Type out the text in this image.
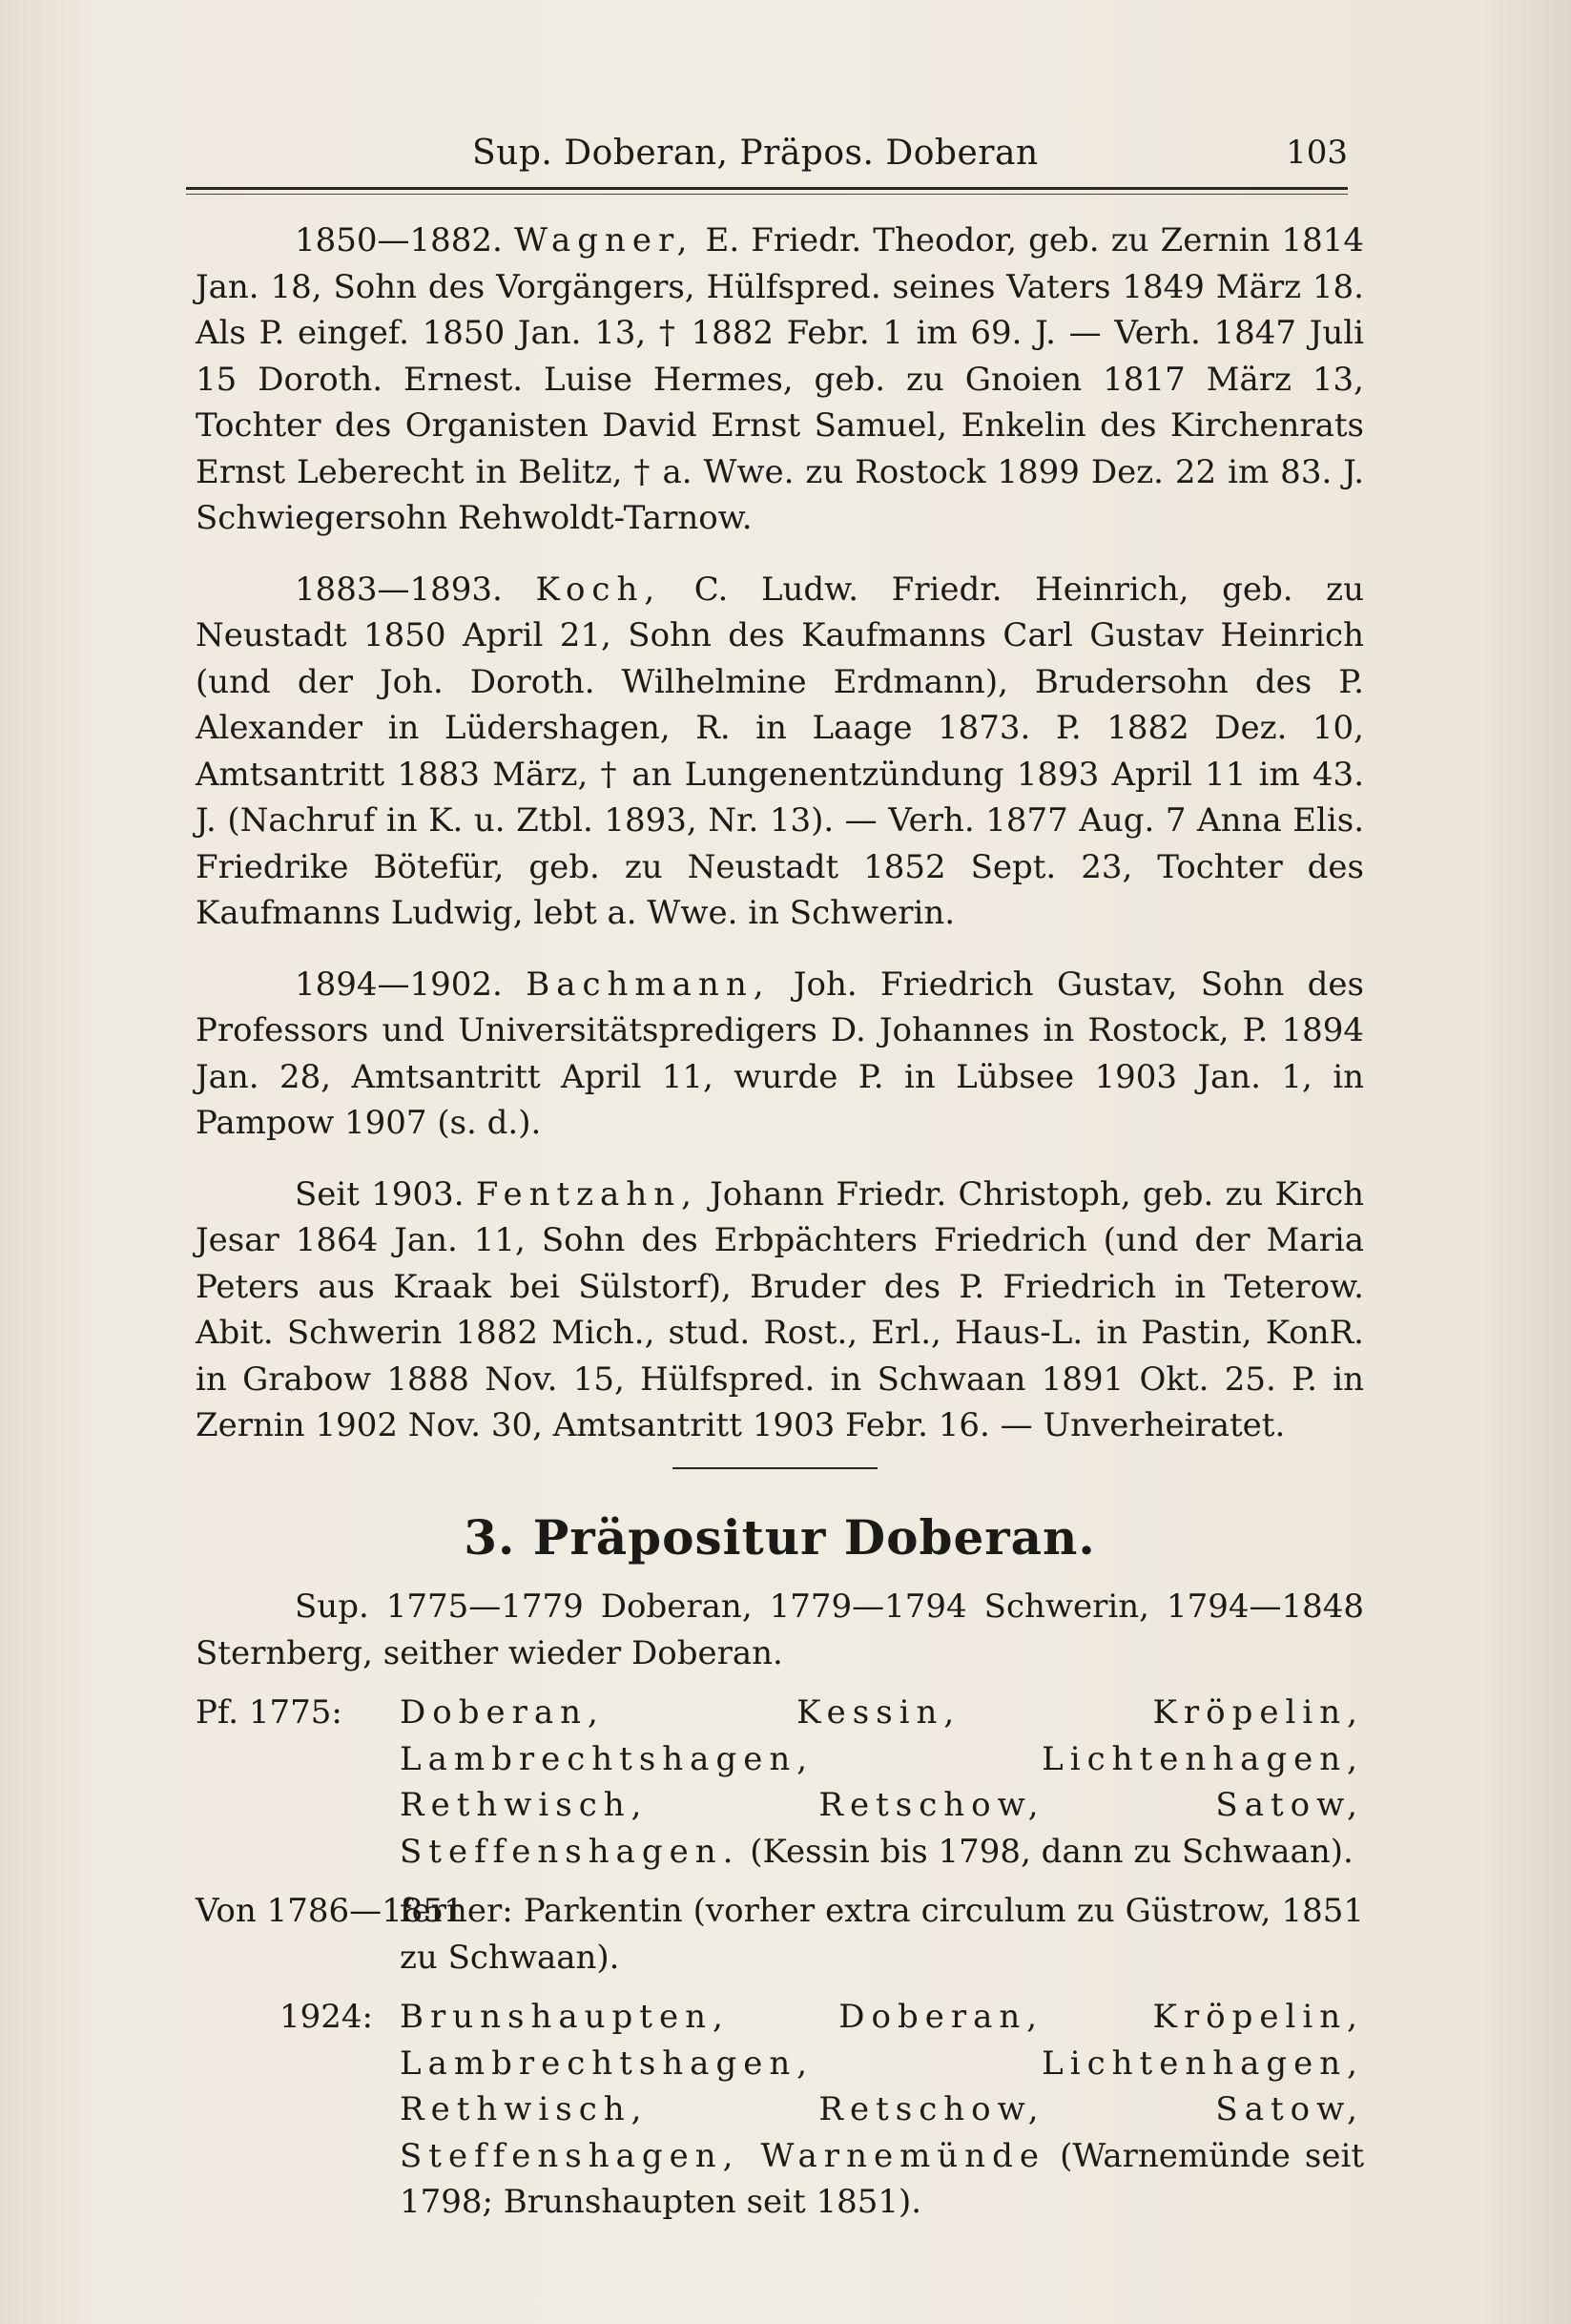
Sup. Doberan, Präpos. Doberan	103

1850—1882. Wagner, E. Friedr. Theodor, geb. zu Zernin 1814 Jan. 18, Sohn des Vorgängers, Hülfspred. seines Vaters 1849 März 18. Als P. eingef. 1850 Jan. 13, † 1882 Febr. 1 im 69. J. — Verh. 1847 Juli 15 Doroth. Ernest. Luise Hermes, geb. zu Gnoien 1817 März 13, Tochter des Organisten David Ernst Samuel, Enkelin des Kirchenrats Ernst Leberecht in Belitz, † a. Wwe. zu Rostock 1899 Dez. 22 im 83. J. Schwiegersohn Rehwoldt-Tarnow.

1883—1893. Koch, C. Ludw. Friedr. Heinrich, geb. zu Neustadt 1850 April 21, Sohn des Kaufmanns Carl Gustav Heinrich (und der Joh. Doroth. Wilhelmine Erdmann), Brudersohn des P. Alexander in Lüdershagen, R. in Laage 1873. P. 1882 Dez. 10, Amtsantritt 1883 März, † an Lungenentzündung 1893 April 11 im 43. J. (Nachruf in K. u. Ztbl. 1893, Nr. 13). — Verh. 1877 Aug. 7 Anna Elis. Friedrike Bötefür, geb. zu Neustadt 1852 Sept. 23, Tochter des Kaufmanns Ludwig, lebt a. Wwe. in Schwerin.

1894—1902. Bachmann, Joh. Friedrich Gustav, Sohn des Professors und Universitätspredigers D. Johannes in Rostock, P. 1894 Jan. 28, Amtsantritt April 11, wurde P. in Lübsee 1903 Jan. 1, in Pampow 1907 (s. d.).

Seit 1903. Fentzahn, Johann Friedr. Christoph, geb. zu Kirch Jesar 1864 Jan. 11, Sohn des Erbpächters Friedrich (und der Maria Peters aus Kraak bei Sülstorf), Bruder des P. Friedrich in Teterow. Abit. Schwerin 1882 Mich., stud. Rost., Erl., Haus-L. in Pastin, KonR. in Grabow 1888 Nov. 15, Hülfspred. in Schwaan 1891 Okt. 25. P. in Zernin 1902 Nov. 30, Amtsantritt 1903 Febr. 16. — Unverheiratet.

3. Präpositur Doberan.

Sup. 1775—1779 Doberan, 1779—1794 Schwerin, 1794—1848 Sternberg, seither wieder Doberan.

Pf. 1775: Doberan, Kessin, Kröpelin, Lambrechtshagen, Lichtenhagen, Rethwisch, Retschow, Satow, Steffenshagen. (Kessin bis 1798, dann zu Schwaan).
Von 1786—1851
ferner: Parkentin (vorher extra circulum zu Güstrow, 1851 zu Schwaan).
1924: Brunshaupten, Doberan, Kröpelin, Lambrechtshagen, Lichtenhagen, Rethwisch, Retschow, Satow, Steffenshagen, Warnemünde (Warnemünde seit 1798; Brunshaupten seit 1851).
